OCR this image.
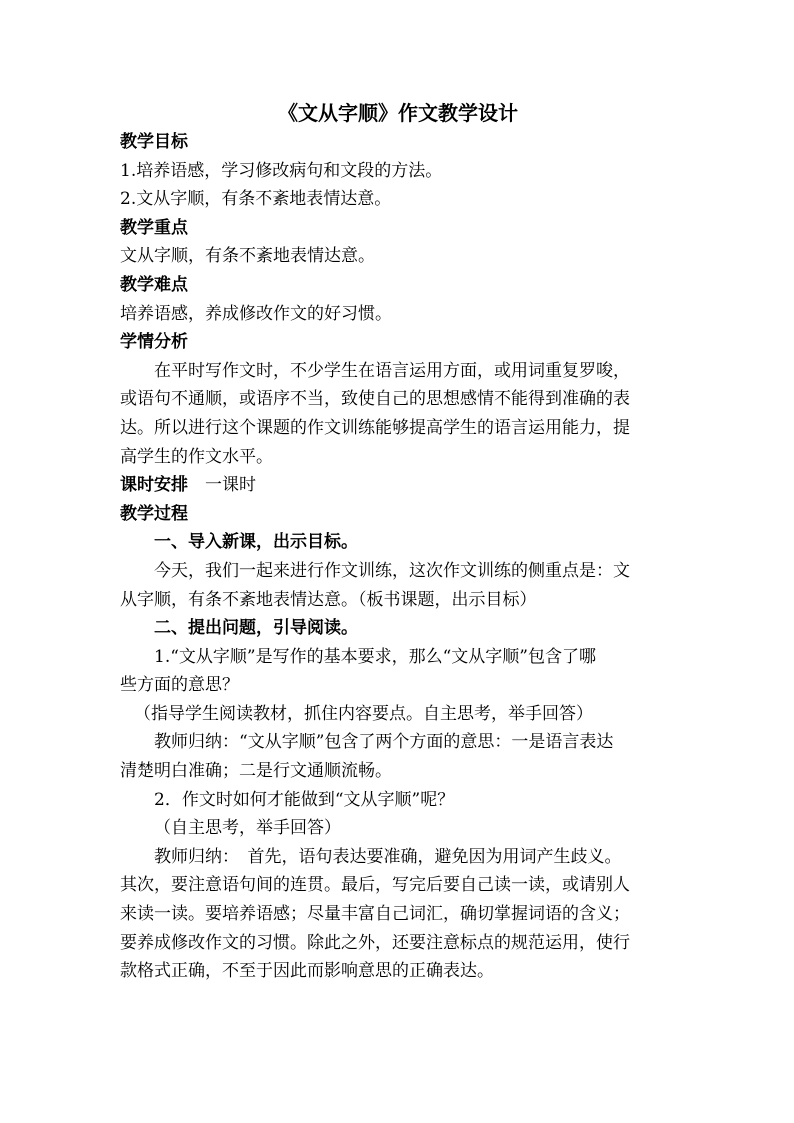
《文从字顺》作文教学设计

教学目标

1.培养语感，学习修改病句和文段的方法。

2.文从字顺，有条不紊地表情达意。

教学重点

文从字顺，有条不紊地表情达意。

教学难点

培养语感，养成修改作文的好习惯。

学情分析

在平时写作文时，不少学生在语言运用方面，或用词重复罗唆，

或语句不通顺，或语序不当，致使自己的思想感情不能得到准确的表

达。所以进行这个课题的作文训练能够提高学生的语言运用能力，提

高学生的作文水平。

课时安排 一课时

教学过程

一、导入新课，出示目标。

今天，我们一起来进行作文训练，这次作文训练的侧重点是：文

从字顺，有条不紊地表情达意。（板书课题，出示目标）

二、提出问题，引导阅读。

1.“文从字顺”是写作的基本要求，那么“文从字顺”包含了哪

些方面的意思？

（指导学生阅读教材，抓住内容要点。自主思考，举手回答）

教师归纳：“文从字顺”包含了两个方面的意思：一是语言表达

清楚明白准确；二是行文通顺流畅。

2．作文时如何才能做到“文从字顺”呢？

（自主思考，举手回答）

教师归纳：　首先，语句表达要准确，避免因为用词产生歧义。

其次，要注意语句间的连贯。最后，写完后要自己读一读，或请别人

来读一读。要培养语感；尽量丰富自己词汇，确切掌握词语的含义；

要养成修改作文的习惯。除此之外，还要注意标点的规范运用，使行

款格式正确，不至于因此而影响意思的正确表达。
